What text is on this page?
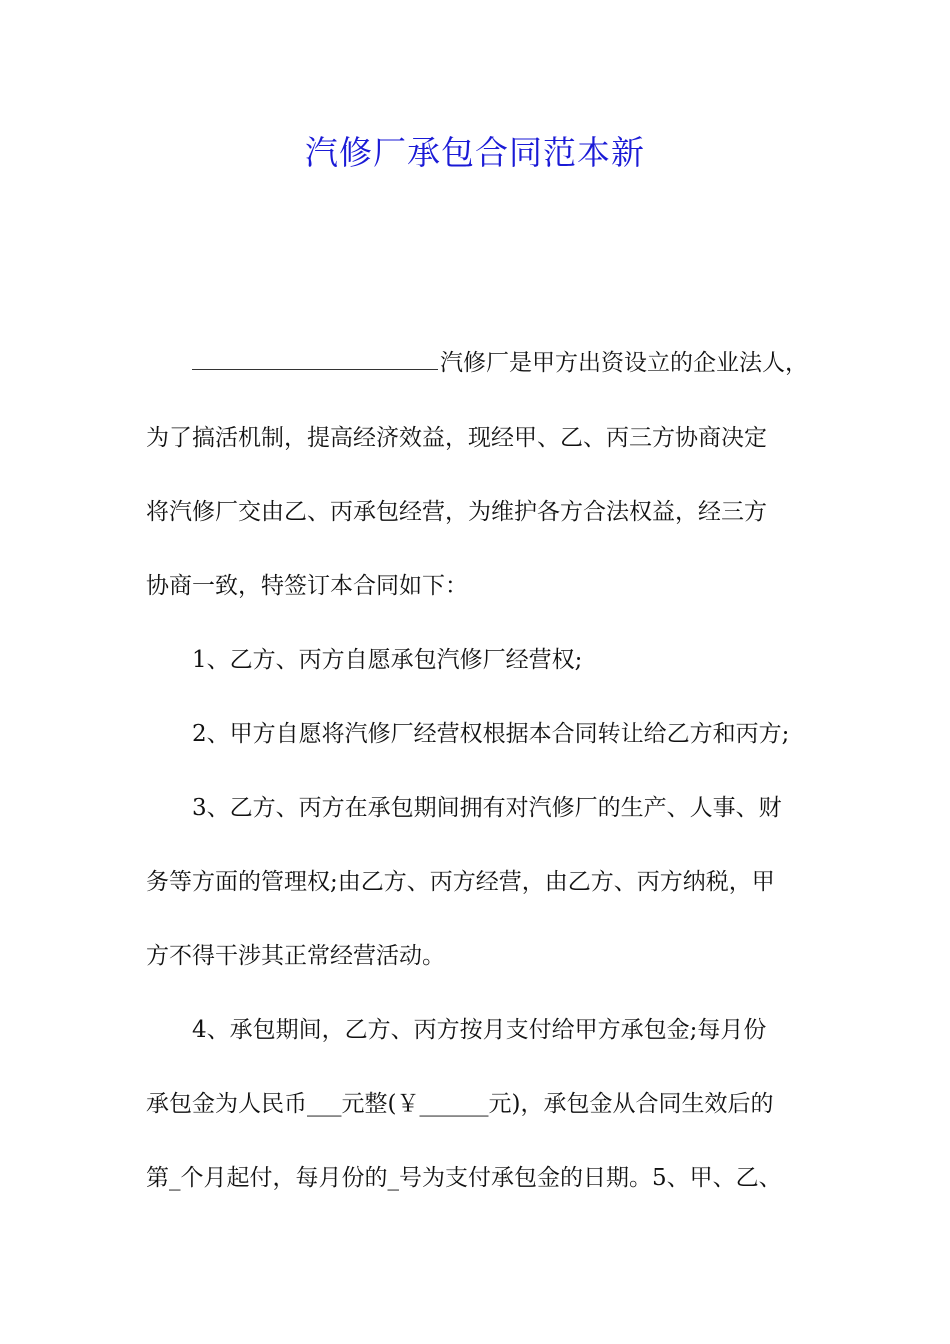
汽修厂承包合同范本新
汽修厂是甲方出资设立的企业法人，
为了搞活机制，提高经济效益，现经甲、乙、丙三方协商决定
将汽修厂交由乙、丙承包经营，为维护各方合法权益，经三方
协商一致，特签订本合同如下：
1、乙方、丙方自愿承包汽修厂经营权;
2、甲方自愿将汽修厂经营权根据本合同转让给乙方和丙方;
3、乙方、丙方在承包期间拥有对汽修厂的生产、人事、财
务等方面的管理权;由乙方、丙方经营，由乙方、丙方纳税，甲
方不得干涉其正常经营活动。
4、承包期间，乙方、丙方按月支付给甲方承包金;每月份
承包金为人民币___元整(￥______元)，承包金从合同生效后的
第_个月起付，每月份的_号为支付承包金的日期。5、甲、乙、
